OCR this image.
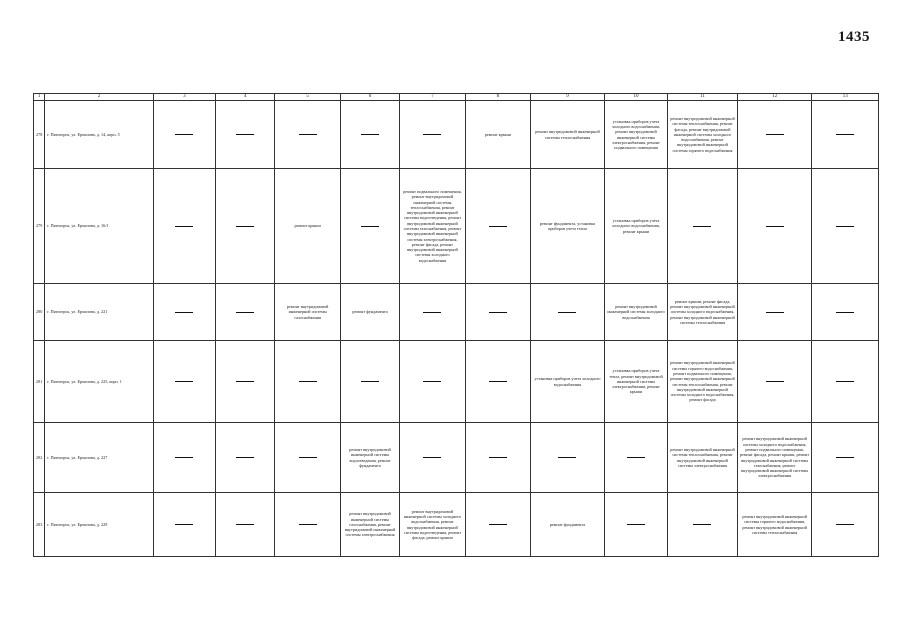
1435
1	2	3	4	5	6	7	8	9	10	11	12	13
278	г. Пятигорск, ул. Ермолова, д. 14, корп. 5						ремонт крыши	ремонт внутридомовой инженерной системы теплоснабжения	установка приборов учета холодного водоснабжения, ремонт внутридомовой инженерной системы электроснабжения, ремонт подвального помещения	ремонт внутридомовой инженерной системы теплоснабжения, ремонт фасада, ремонт внутридомовой инженерной системы холодного водоснабжения, ремонт внутридомовой инженерной системы горячего водоснабжения		
279	г. Пятигорск, ул. Ермолова, д. 16/1			ремонт крыши		ремонт подвального помещения, ремонт внутридомовой инженерной системы теплоснабжения, ремонт внутридомовой инженерной системы водоотведения, ремонт внутридомовой инженерной системы газоснабжения, ремонт внутридомовой инженерной системы электроснабжения, ремонт фасада, ремонт внутридомовой инженерной системы холодного водоснабжения		ремонт фундамента, установка приборов учета тепла	установка приборов учета холодного водоснабжения, ремонт крыши			
280	г. Пятигорск, ул. Ермолова, д. 221			ремонт внутридомовой инженерной системы газоснабжения	ремонт фундамента				ремонт внутридомовой инженерной системы холодного водоснабжения	ремонт крыши, ремонт фасада, ремонт внутридомовой инженерной системы холодного водоснабжения, ремонт внутридомовой инженерной системы теплоснабжения		
281	г. Пятигорск, ул. Ермолова, д. 225, корп. 1							установка приборов учета холодного водоснабжения	установка приборов учета тепла, ремонт внутридомовой инженерной системы электроснабжения, ремонт крыши	ремонт внутридомовой инженерной системы горячего водоснабжения, ремонт подвального помещения, ремонт внутридомовой инженерной системы теплоснабжения, ремонт внутридомовой инженерной системы холодного водоснабжения, ремонт фасада		
282	г. Пятигорск, ул. Ермолова, д. 227				ремонт внутридомовой инженерной системы водоотведения, ремонт фундамента					ремонт внутридомовой инженерной системы теплоснабжения, ремонт внутридомовой инженерной системы электроснабжения	ремонт внутридомовой инженерной системы холодного водоснабжения, ремонт подвального помещения, ремонт фасада, ремонт крыши, ремонт внутридомовой инженерной системы газоснабжения, ремонт внутридомовой инженерной системы электроснабжения	
283	г. Пятигорск, ул. Ермолова, д. 229				ремонт внутридомовой инженерной системы газоснабжения, ремонт внутридомовой инженерной системы электроснабжения	ремонт внутридомовой инженерной системы холодного водоснабжения, ремонт внутридомовой инженерной системы водоотведения, ремонт фасада, ремонт крыши		ремонт фундамента			ремонт внутридомовой инженерной системы горячего водоснабжения, ремонт внутридомовой инженерной системы теплоснабжения	
